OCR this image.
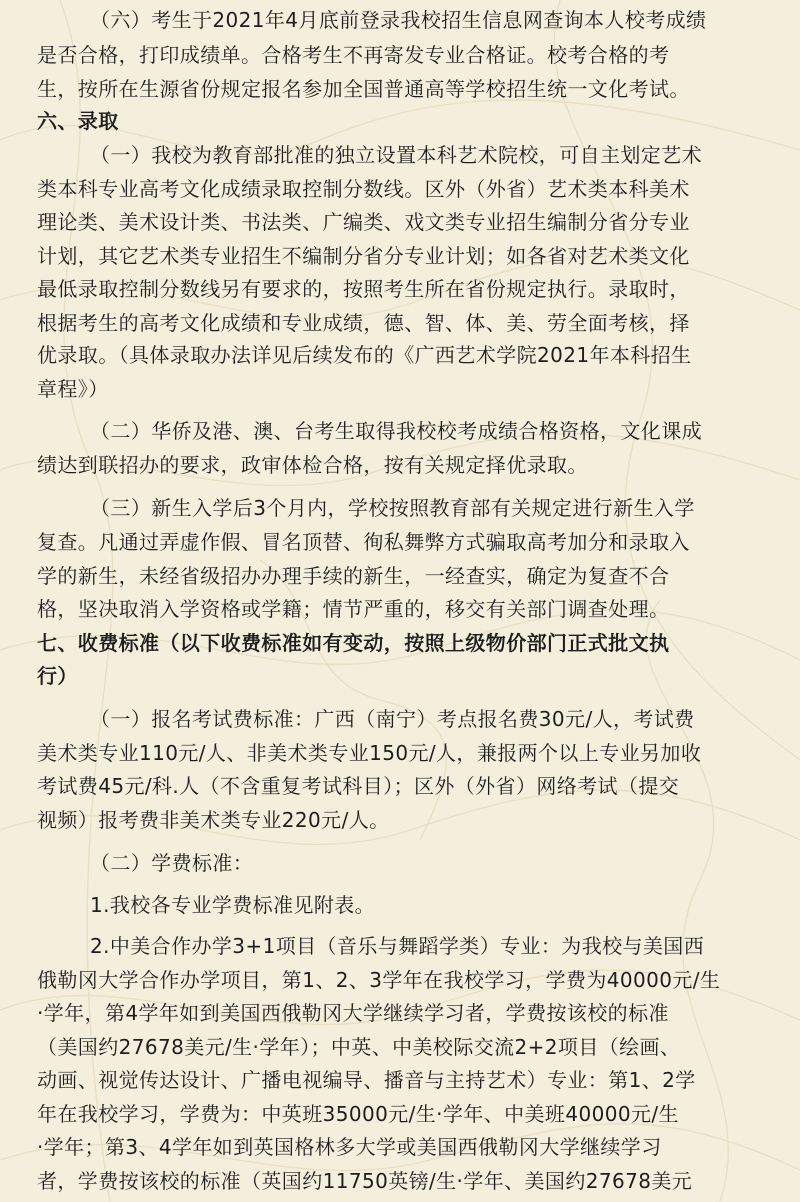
（六）考生于2021年4月底前登录我校招生信息网查询本人校考成绩
是否合格，打印成绩单。合格考生不再寄发专业合格证。校考合格的考
生，按所在生源省份规定报名参加全国普通高等学校招生统一文化考试。
六、录取
（一）我校为教育部批准的独立设置本科艺术院校，可自主划定艺术
类本科专业高考文化成绩录取控制分数线。区外（外省）艺术类本科美术
理论类、美术设计类、书法类、广编类、戏文类专业招生编制分省分专业
计划，其它艺术类专业招生不编制分省分专业计划；如各省对艺术类文化
最低录取控制分数线另有要求的，按照考生所在省份规定执行。录取时，
根据考生的高考文化成绩和专业成绩，德、智、体、美、劳全面考核，择
优录取。（具体录取办法详见后续发布的《广西艺术学院2021年本科招生
章程》）
（二）华侨及港、澳、台考生取得我校校考成绩合格资格，文化课成
绩达到联招办的要求，政审体检合格，按有关规定择优录取。
（三）新生入学后3个月内，学校按照教育部有关规定进行新生入学
复查。凡通过弄虚作假、冒名顶替、徇私舞弊方式骗取高考加分和录取入
学的新生，未经省级招办办理手续的新生，一经查实，确定为复查不合
格，坚决取消入学资格或学籍；情节严重的，移交有关部门调查处理。
七、收费标准（以下收费标准如有变动，按照上级物价部门正式批文执
行）
（一）报名考试费标准：广西（南宁）考点报名费30元/人，考试费
美术类专业110元/人、非美术类专业150元/人，兼报两个以上专业另加收
考试费45元/科.人（不含重复考试科目）；区外（外省）网络考试（提交
视频）报考费非美术类专业220元/人。
（二）学费标准：
1.我校各专业学费标准见附表。
2.中美合作办学3+1项目（音乐与舞蹈学类）专业：为我校与美国西
俄勒冈大学合作办学项目，第1、2、3学年在我校学习，学费为40000元/生
·学年，第4学年如到美国西俄勒冈大学继续学习者，学费按该校的标准
（美国约27678美元/生·学年）；中英、中美校际交流2+2项目（绘画、
动画、视觉传达设计、广播电视编导、播音与主持艺术）专业：第1、2学
年在我校学习，学费为：中英班35000元/生·学年、中美班40000元/生
·学年；第3、4学年如到英国格林多大学或美国西俄勒冈大学继续学习
者，学费按该校的标准（英国约11750英镑/生·学年、美国约27678美元
